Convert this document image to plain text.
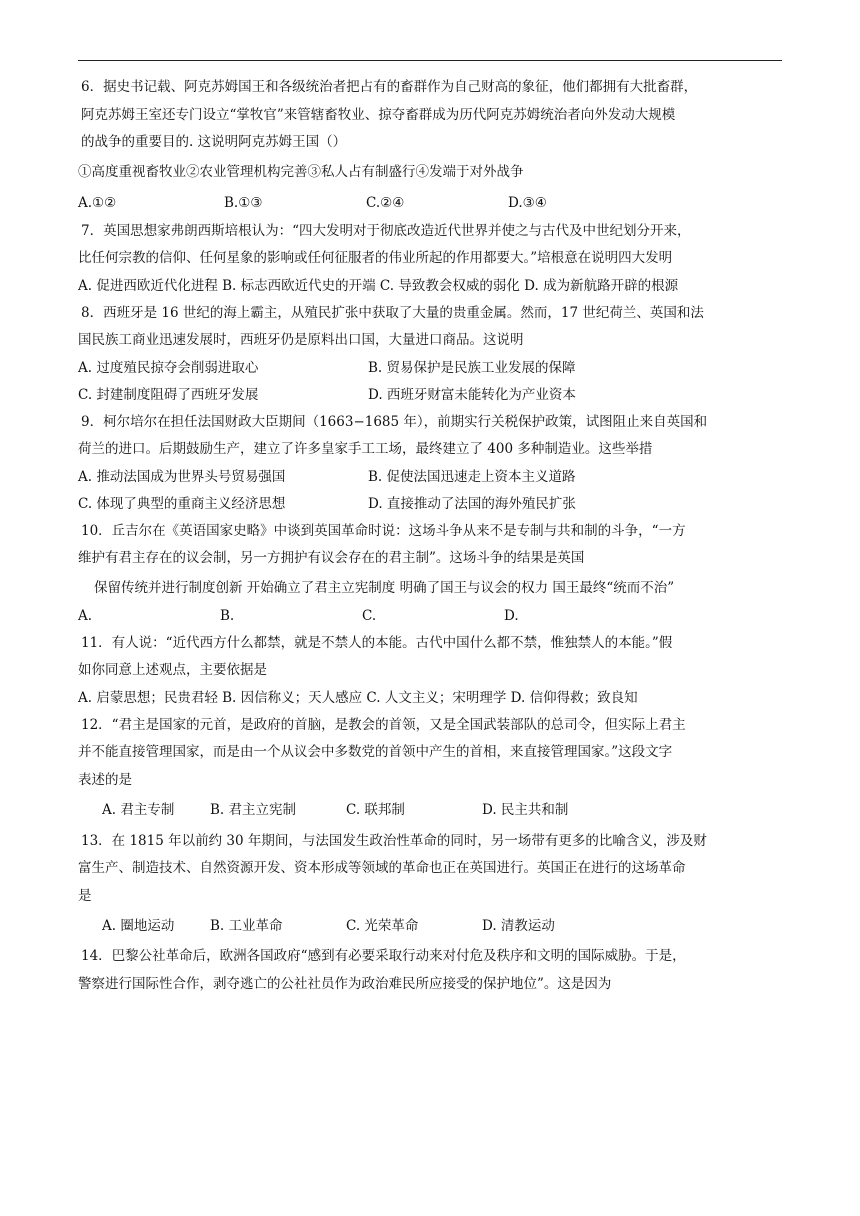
6．据史书记载、阿克苏姆国王和各级统治者把占有的畜群作为自己财高的象征，他们都拥有大批畜群，
阿克苏姆王室还专门设立“掌牧官”来管辖畜牧业、掠夺畜群成为历代阿克苏姆统治者向外发动大规模
的战争的重要目的. 这说明阿克苏姆王国（）
①高度重视畜牧业②农业管理机构完善③私人占有制盛行④发端于对外战争
A.①②	B.①③	C.②④	D.③④
7．英国思想家弗朗西斯培根认为：“四大发明对于彻底改造近代世界并使之与古代及中世纪划分开来，
比任何宗教的信仰、任何星象的影响或任何征服者的伟业所起的作用都要大。”培根意在说明四大发明
A. 促进西欧近代化进程 B. 标志西欧近代史的开端 C. 导致教会权威的弱化 D. 成为新航路开辟的根源
8．西班牙是 16 世纪的海上霸主，从殖民扩张中获取了大量的贵重金属。然而，17 世纪荷兰、英国和法
国民族工商业迅速发展时，西班牙仍是原料出口国，大量进口商品。这说明
A. 过度殖民掠夺会削弱进取心	B. 贸易保护是民族工业发展的保障
C. 封建制度阻碍了西班牙发展	D. 西班牙财富未能转化为产业资本
9．柯尔培尔在担任法国财政大臣期间（1663−1685 年），前期实行关税保护政策，试图阻止来自英国和
荷兰的进口。后期鼓励生产，建立了许多皇家手工工场，最终建立了 400 多种制造业。这些举措
A. 推动法国成为世界头号贸易强国	B. 促使法国迅速走上资本主义道路
C. 体现了典型的重商主义经济思想	D. 直接推动了法国的海外殖民扩张
10．丘吉尔在《英语国家史略》中谈到英国革命时说：这场斗争从来不是专制与共和制的斗争，“一方
维护有君主存在的议会制，另一方拥护有议会存在的君主制”。这场斗争的结果是英国
保留传统并进行制度创新 开始确立了君主立宪制度 明确了国王与议会的权力 国王最终“统而不治”
A.	B.	C.	D.
11．有人说：“近代西方什么都禁，就是不禁人的本能。古代中国什么都不禁，惟独禁人的本能。”假
如你同意上述观点，主要依据是
A. 启蒙思想；民贵君轻 B. 因信称义；天人感应 C. 人文主义；宋明理学 D. 信仰得救；致良知
12．“君主是国家的元首，是政府的首脑，是教会的首领，又是全国武装部队的总司令，但实际上君主
并不能直接管理国家，而是由一个从议会中多数党的首领中产生的首相，来直接管理国家。”这段文字
表述的是
A. 君主专制	B. 君主立宪制	C. 联邦制	D. 民主共和制
13．在 1815 年以前约 30 年期间，与法国发生政治性革命的同时，另一场带有更多的比喻含义，涉及财
富生产、制造技术、自然资源开发、资本形成等领域的革命也正在英国进行。英国正在进行的这场革命
是
A. 圈地运动	B. 工业革命	C. 光荣革命	D. 清教运动
14．巴黎公社革命后，欧洲各国政府“感到有必要采取行动来对付危及秩序和文明的国际威胁。于是，
警察进行国际性合作，剥夺逃亡的公社社员作为政治难民所应接受的保护地位”。这是因为
